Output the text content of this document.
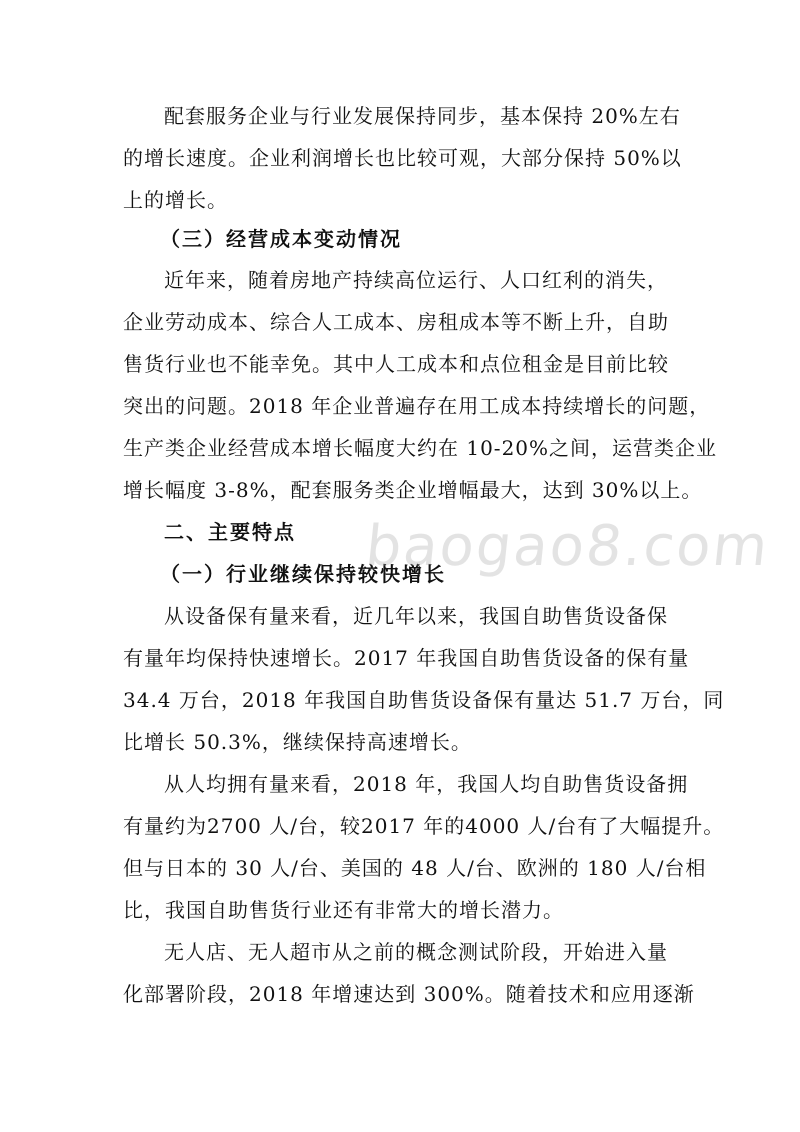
配套服务企业与行业发展保持同步，基本保持 20%左右
的增长速度。企业利润增长也比较可观，大部分保持 50%以
上的增长。
（三）经营成本变动情况
近年来，随着房地产持续高位运行、人口红利的消失，
企业劳动成本、综合人工成本、房租成本等不断上升，自助
售货行业也不能幸免。其中人工成本和点位租金是目前比较
突出的问题。2018 年企业普遍存在用工成本持续增长的问题，
生产类企业经营成本增长幅度大约在 10-20%之间，运营类企业
增长幅度 3-8%，配套服务类企业增幅最大，达到 30%以上。
二、主要特点
（一）行业继续保持较快增长
从设备保有量来看，近几年以来，我国自助售货设备保
有量年均保持快速增长。2017 年我国自助售货设备的保有量
34.4 万台，2018 年我国自助售货设备保有量达 51.7 万台，同
比增长 50.3%，继续保持高速增长。
从人均拥有量来看，2018 年，我国人均自助售货设备拥
有量约为2700 人/台，较2017 年的4000 人/台有了大幅提升。
但与日本的 30 人/台、美国的 48 人/台、欧洲的 180 人/台相
比，我国自助售货行业还有非常大的增长潜力。
无人店、无人超市从之前的概念测试阶段，开始进入量
化部署阶段，2018 年增速达到 300%。随着技术和应用逐渐
baogao8.com
